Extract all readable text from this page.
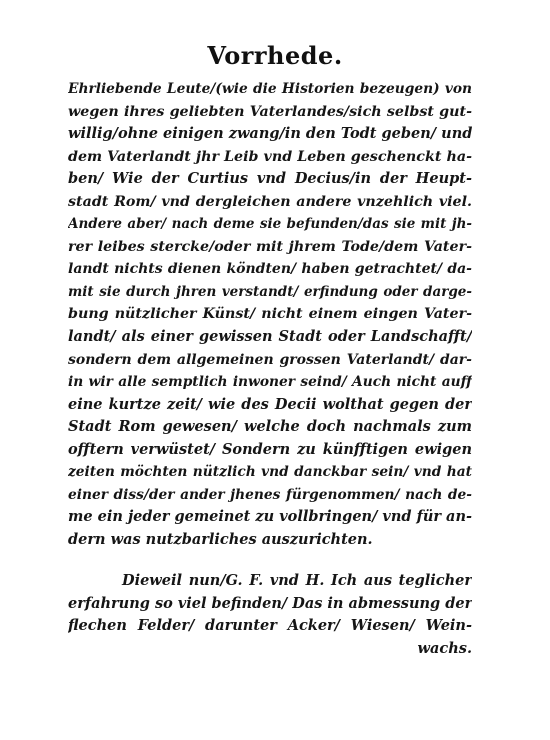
Vorrhede.

Ehrliebende Leute/(wie die Historien bezeugen) von
wegen ihres geliebten Vaterlandes/sich selbst gut-
willig/ohne einigen zwang/in den Todt geben/ und
dem Vaterlandt jhr Leib vnd Leben geschenckt ha-
ben/ Wie der Curtius vnd Decius/in der Heupt-
stadt Rom/ vnd dergleichen andere vnzehlich viel.
Andere aber/ nach deme sie befunden/das sie mit jh-
rer leibes stercke/oder mit jhrem Tode/dem Vater-
landt nichts dienen köndten/ haben getrachtet/ da-
mit sie durch jhren verstandt/ erfindung oder darge-
bung nützlicher Künst/ nicht einem eingen Vater-
landt/ als einer gewissen Stadt oder Landschafft/
sondern dem allgemeinen grossen Vaterlandt/ dar-
in wir alle semptlich inwoner seind/ Auch nicht auff
eine kurtze zeit/ wie des Decii wolthat gegen der
Stadt Rom gewesen/ welche doch nachmals zum
offtern verwüstet/ Sondern zu künfftigen ewigen
zeiten möchten nützlich vnd danckbar sein/ vnd hat
einer diss/der ander jhenes fürgenommen/ nach de-
me ein jeder gemeinet zu vollbringen/ vnd für an-
dern was nutzbarliches auszurichten.

Dieweil nun/G. F. vnd H. Ich aus teglicher
erfahrung so viel befinden/ Das in abmessung der
flechen Felder/ darunter Acker/ Wiesen/ Wein-
wachs.
